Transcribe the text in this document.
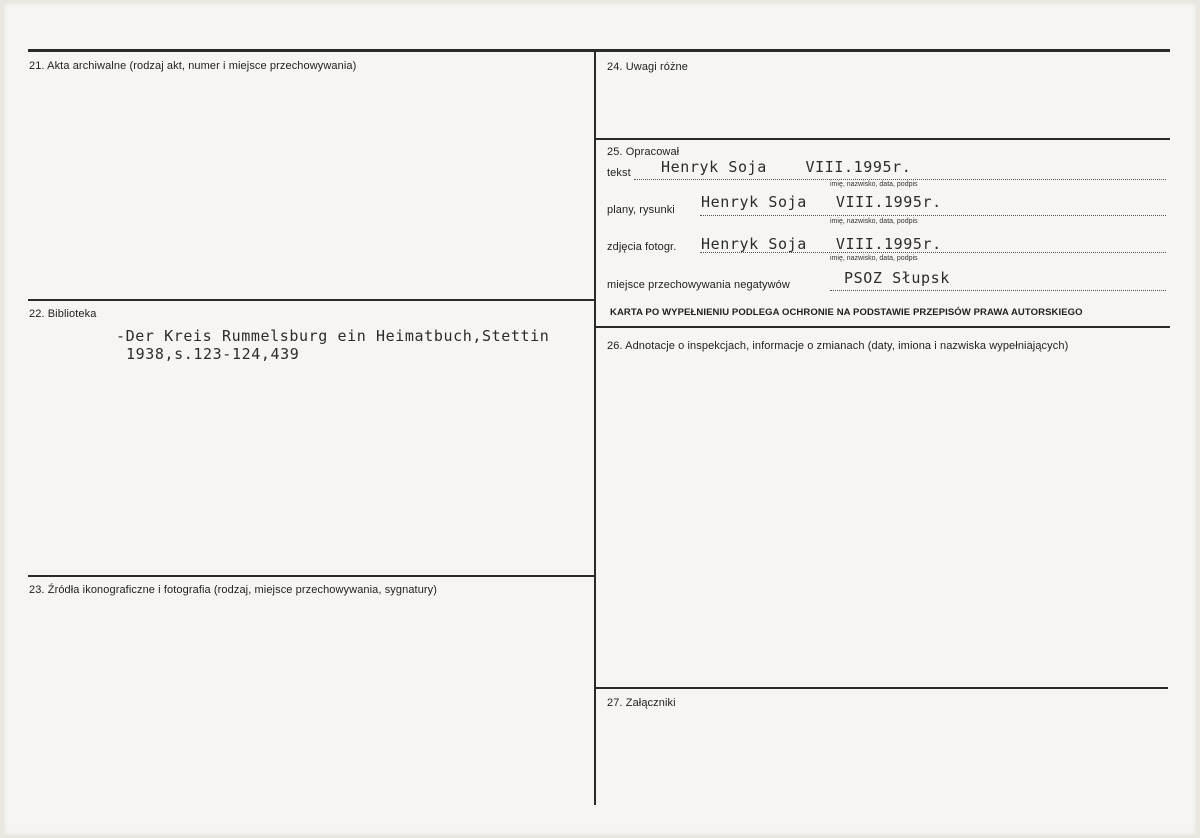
21. Akta archiwalne (rodzaj akt, numer i miejsce przechowywania)
22. Biblioteka
-Der Kreis Rummelsburg ein Heimatbuch,Stettin
1938,s.123-124,439
23. Źródła ikonograficzne i fotografia (rodzaj, miejsce przechowywania, sygnatury)
24. Uwagi różne
25. Opracował
tekst Henryk Soja    VIII.1995r.
imię, nazwisko, data, podpis
plany, rysunki Henryk Soja   VIII.1995r.
imię, nazwisko, data, podpis
zdjęcia fotogr. Henryk Soja   VIII.1995r.
imię, nazwisko, data, podpis
miejsce przechowywania negatywów	PSOZ Słupsk
KARTA PO WYPEŁNIENIU PODLEGA OCHRONIE NA PODSTAWIE PRZEPISÓW PRAWA AUTORSKIEGO
26. Adnotacje o inspekcjach, informacje o zmianach (daty, imiona i nazwiska wypełniających)
27. Załączniki
